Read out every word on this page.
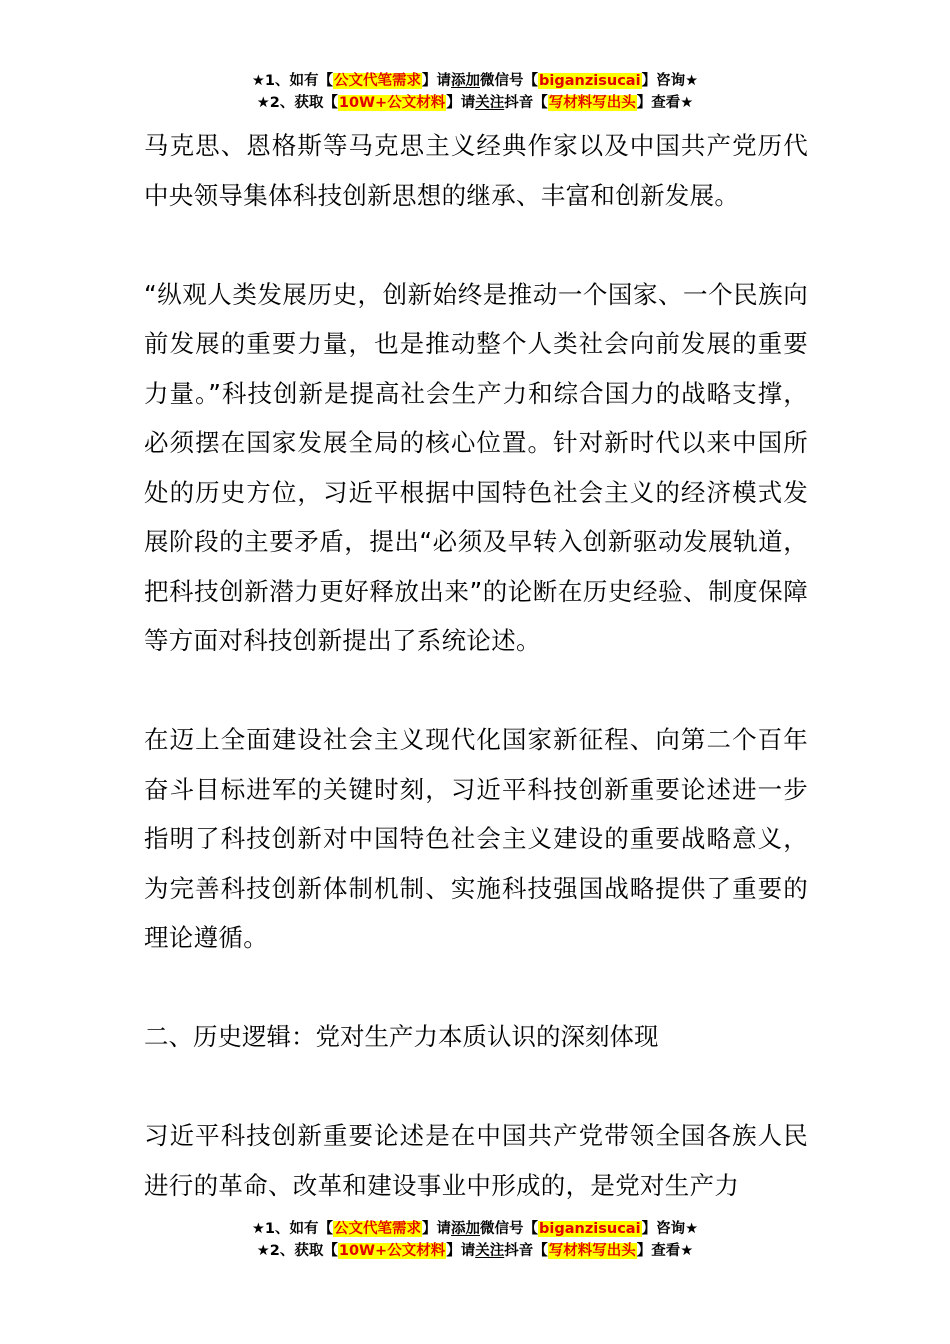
★1、如有【公文代笔需求】请添加微信号【biganzisucai】咨询★
★2、获取【10W+公文材料】请关注抖音【写材料写出头】查看★

马克思、恩格斯等马克思主义经典作家以及中国共产党历代中央领导集体科技创新思想的继承、丰富和创新发展。

“纵观人类发展历史，创新始终是推动一个国家、一个民族向前发展的重要力量，也是推动整个人类社会向前发展的重要力量。”科技创新是提高社会生产力和综合国力的战略支撑，必须摆在国家发展全局的核心位置。针对新时代以来中国所处的历史方位，习近平根据中国特色社会主义的经济模式发展阶段的主要矛盾，提出“必须及早转入创新驱动发展轨道，把科技创新潜力更好释放出来”的论断在历史经验、制度保障等方面对科技创新提出了系统论述。

在迈上全面建设社会主义现代化国家新征程、向第二个百年奋斗目标进军的关键时刻，习近平科技创新重要论述进一步指明了科技创新对中国特色社会主义建设的重要战略意义，为完善科技创新体制机制、实施科技强国战略提供了重要的理论遵循。

二、历史逻辑：党对生产力本质认识的深刻体现

习近平科技创新重要论述是在中国共产党带领全国各族人民进行的革命、改革和建设事业中形成的，是党对生产力

★1、如有【公文代笔需求】请添加微信号【biganzisucai】咨询★
★2、获取【10W+公文材料】请关注抖音【写材料写出头】查看★
